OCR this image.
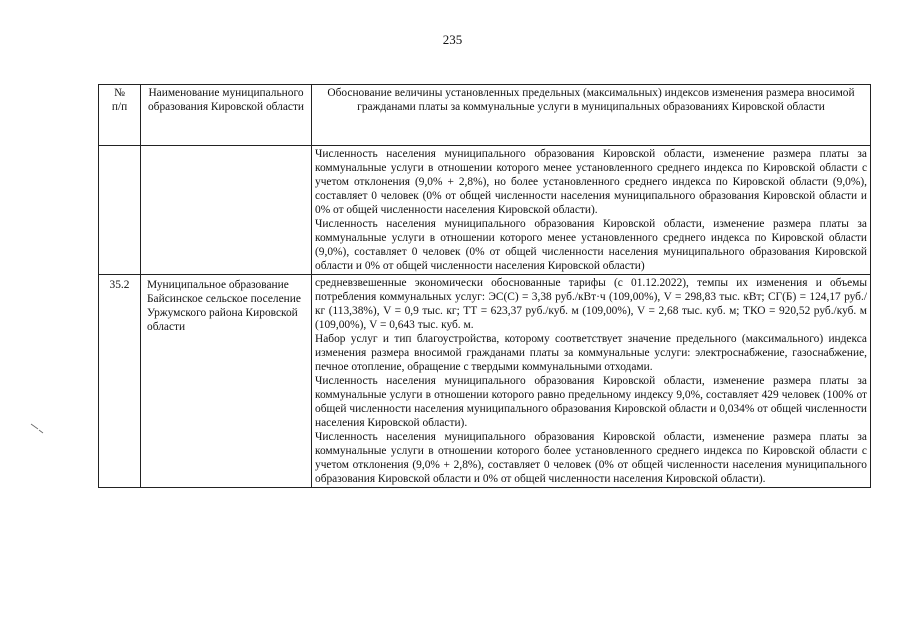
235
№
п/п	Наименование муниципального образования Кировской области	Обоснование величины установленных предельных (максимальных) индексов изменения размера вносимой гражданами платы за коммунальные услуги в муниципальных образованиях Кировской области

		Численность населения муниципального образования Кировской области, изменение размера платы за коммунальные услуги в отношении которого менее установленного среднего индекса по Кировской области с учетом отклонения (9,0% + 2,8%), но более установленного среднего индекса по Кировской области (9,0%), составляет 0 человек (0% от общей численности населения муниципального образования Кировской области и 0% от общей численности населения Кировской области).

Численность населения муниципального образования Кировской области, изменение размера платы за коммунальные услуги в отношении которого менее установленного среднего индекса по Кировской области (9,0%), составляет 0 человек (0% от общей численности населения муниципального образования Кировской области и 0% от общей численности населения Кировской области)

35.2	Муниципальное образование Байсинское сельское поселение Уржумского района Кировской области	средневзвешенные экономически обоснованные тарифы (с 01.12.2022), темпы их изменения и объемы потребления коммунальных услуг: ЭС(С) = 3,38 руб./кВт·ч (109,00%), V = 298,83 тыс. кВт; СГ(Б) = 124,17 руб./кг (113,38%), V = 0,9 тыс. кг; ТТ = 623,37 руб./куб. м (109,00%), V = 2,68 тыс. куб. м; ТКО = 920,52 руб./куб. м (109,00%), V = 0,643 тыс. куб. м.

Набор услуг и тип благоустройства, которому соответствует значение предельного (максимального) индекса изменения размера вносимой гражданами платы за коммунальные услуги: электроснабжение, газоснабжение, печное отопление, обращение с твердыми коммунальными отходами.

Численность населения муниципального образования Кировской области, изменение размера платы за коммунальные услуги в отношении которого равно предельному индексу 9,0%, составляет 429 человек (100% от общей численности населения муниципального образования Кировской области и 0,034% от общей численности населения Кировской области).

Численность населения муниципального образования Кировской области, изменение размера платы за коммунальные услуги в отношении которого более установленного среднего индекса по Кировской области с учетом отклонения (9,0% + 2,8%), составляет 0 человек (0% от общей численности населения муниципального образования Кировской области и 0% от общей численности населения Кировской области).
